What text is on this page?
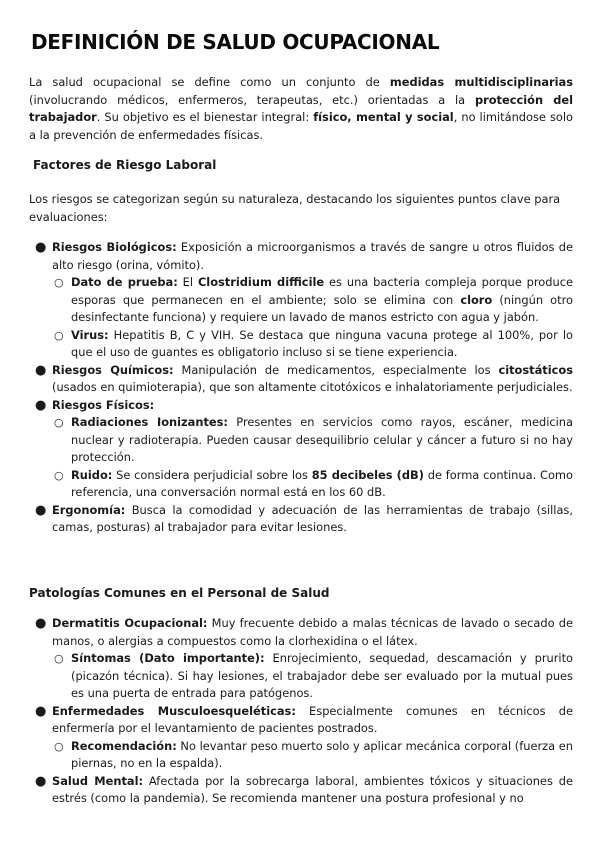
DEFINICIÓN DE SALUD OCUPACIONAL

La salud ocupacional se define como un conjunto de medidas multidisciplinarias (involucrando médicos, enfermeros, terapeutas, etc.) orientadas a la protección del trabajador. Su objetivo es el bienestar integral: físico, mental y social, no limitándose solo a la prevención de enfermedades físicas.

Factores de Riesgo Laboral

Los riesgos se categorizan según su naturaleza, destacando los siguientes puntos clave para evaluaciones:

● Riesgos Biológicos: Exposición a microorganismos a través de sangre u otros fluidos de alto riesgo (orina, vómito).
○ Dato de prueba: El Clostridium difficile es una bacteria compleja porque produce esporas que permanecen en el ambiente; solo se elimina con cloro (ningún otro desinfectante funciona) y requiere un lavado de manos estricto con agua y jabón.
○ Virus: Hepatitis B, C y VIH. Se destaca que ninguna vacuna protege al 100%, por lo que el uso de guantes es obligatorio incluso si se tiene experiencia.
● Riesgos Químicos: Manipulación de medicamentos, especialmente los citostáticos (usados en quimioterapia), que son altamente citotóxicos e inhalatoriamente perjudiciales.
● Riesgos Físicos:
○ Radiaciones Ionizantes: Presentes en servicios como rayos, escáner, medicina nuclear y radioterapia. Pueden causar desequilibrio celular y cáncer a futuro si no hay protección.
○ Ruido: Se considera perjudicial sobre los 85 decibeles (dB) de forma continua. Como referencia, una conversación normal está en los 60 dB.
● Ergonomía: Busca la comodidad y adecuación de las herramientas de trabajo (sillas, camas, posturas) al trabajador para evitar lesiones.
Patologías Comunes en el Personal de Salud
● Dermatitis Ocupacional: Muy frecuente debido a malas técnicas de lavado o secado de manos, o alergias a compuestos como la clorhexidina o el látex.
○ Síntomas (Dato importante): Enrojecimiento, sequedad, descamación y prurito (picazón técnica). Si hay lesiones, el trabajador debe ser evaluado por la mutual pues es una puerta de entrada para patógenos.
● Enfermedades Musculoesqueléticas: Especialmente comunes en técnicos de enfermería por el levantamiento de pacientes postrados.
○ Recomendación: No levantar peso muerto solo y aplicar mecánica corporal (fuerza en piernas, no en la espalda).
● Salud Mental: Afectada por la sobrecarga laboral, ambientes tóxicos y situaciones de estrés (como la pandemia). Se recomienda mantener una postura profesional y no
